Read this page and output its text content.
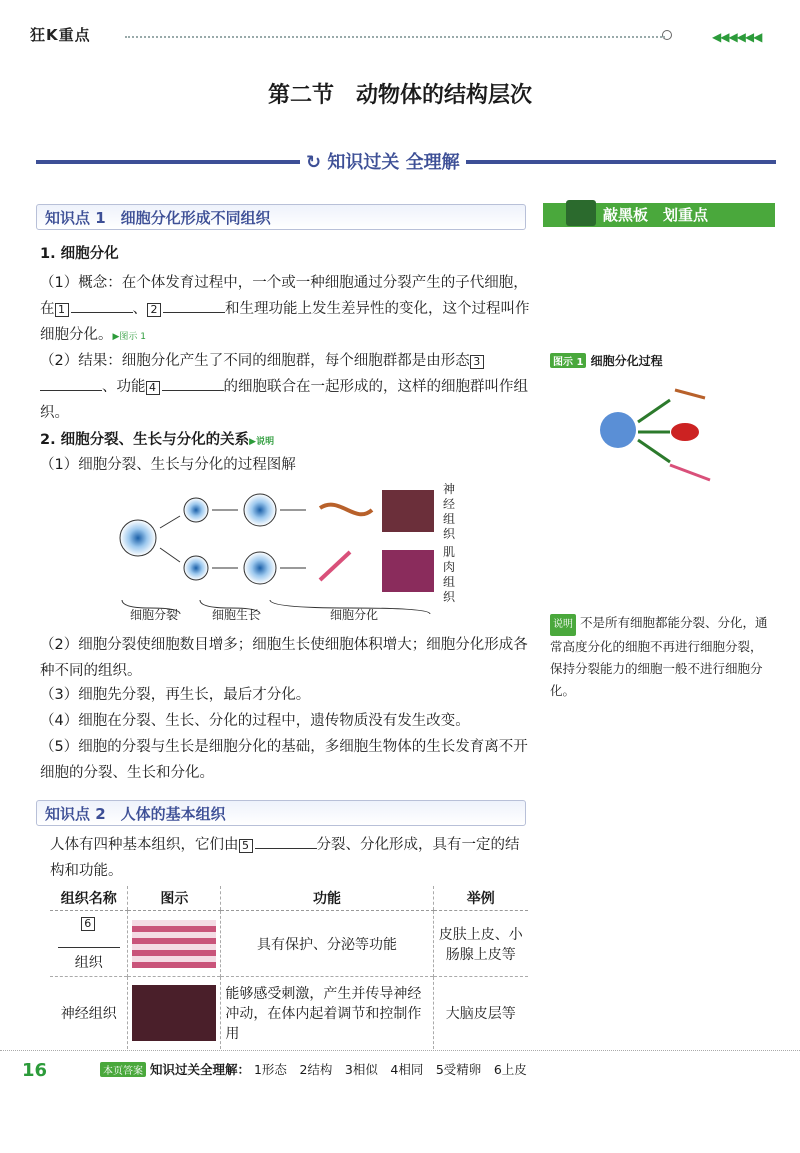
狂K重点	◀◀◀◀◀◀
第二节　动物体的结构层次
↻ 知识过关 全理解
知识点 1　细胞分化形成不同组织	敲黑板　划重点
1. 细胞分化
（1）概念：在个体发育过程中，一个或一种细胞通过分裂产生的子代细胞，在 1	、 2	和生理功能上发生差异性的变化，这个过程叫作细胞分化。▶图示 1
（2）结果：细胞分化产生了不同的细胞群，每个细胞群都是由形态 3、功能 4	的细胞联合在一起形成的，这样的细胞群叫作组织。
2. 细胞分裂、生长与分化的关系▶说明
（1）细胞分裂、生长与分化的过程图解
神经组织
肌肉组织
细胞分裂	细胞生长	细胞分化
（2）细胞分裂使细胞数目增多；细胞生长使细胞体积增大；细胞分化形成各种不同的组织。
（3）细胞先分裂，再生长，最后才分化。
（4）细胞在分裂、生长、分化的过程中，遗传物质没有发生改变。
（5）细胞的分裂与生长是细胞分化的基础，多细胞生物体的生长发育离不开细胞的分裂、生长和分化。
图示 1 细胞分化过程
说明 不是所有细胞都能分裂、分化，通常高度分化的细胞不再进行细胞分裂，保持分裂能力的细胞一般不进行细胞分化。
知识点 2　人体的基本组织
人体有四种基本组织，它们由 5	分裂、分化形成，具有一定的结构和功能。
组织名称	图示	功能	举例
6
组织		具有保护、分泌等功能	皮肤上皮、小肠腺上皮等
神经组织		能够感受刺激，产生并传导神经冲动，在体内起着调节和控制作用	大脑皮层等
16	本页答案 知识过关全理解： 1形态　 2结构　 3相似　 4相同　 5受精卵　 6上皮
